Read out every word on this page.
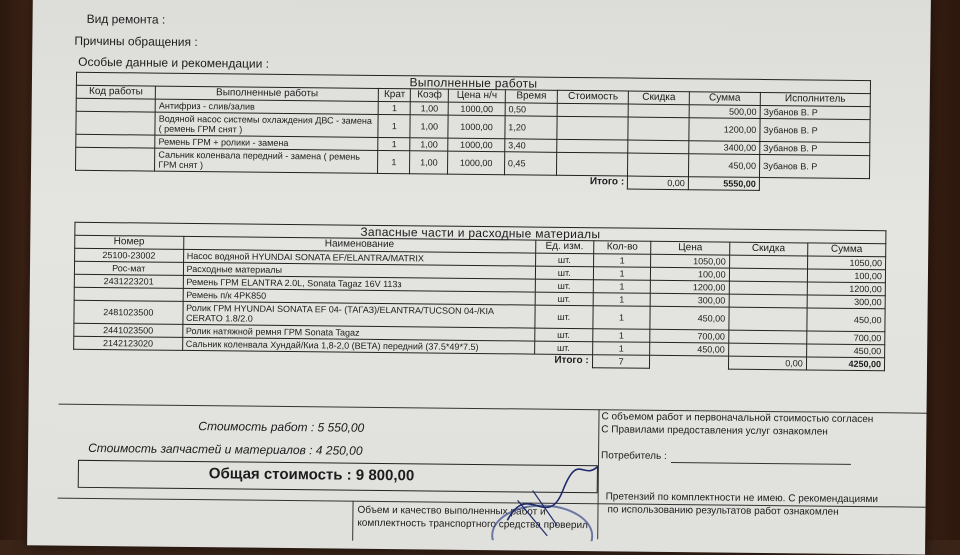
Вид ремонта :
Причины обращения :
Особые данные и рекомендации :
Выполненные работы									
Код работы	Выполненные работы	Крат	Коэф	Цена н/ч	Время	Стоимость	Скидка	Сумма	Исполнитель
	Антифриз - слив/залив	1	1,00	1000,00	0,50			500,00	Зубанов В. Р
	Водяной насос системы охлаждения ДВС - замена ( ремень ГРМ снят )	1	1,00	1000,00	1,20			1200,00	Зубанов В. Р
	Ремень ГРМ + ролики - замена	1	1,00	1000,00	3,40			3400,00	Зубанов В. Р
	Сальник коленвала передний - замена ( ремень ГРМ снят )	1	1,00	1000,00	0,45			450,00	Зубанов В. Р
Итого :							0,00	5550,00	
Запасные части и расходные материалы						
Номер	Наименование	Ед. изм.	Кол-во	Цена	Скидка	Сумма
25100-23002	Насос водяной HYUNDAI SONATA EF/ELANTRA/MATRIX	шт.	1	1050,00		1050,00
Рос-мат	Расходные материалы	шт.	1	100,00		100,00
2431223201	Ремень ГРМ ELANTRA 2.0L, Sonata Tagaz 16V 113з	шт.	1	1200,00		1200,00
	Ремень п/к 4PK850	шт.	1	300,00		300,00
2481023500	Ролик ГРМ HYUNDAI SONATA EF 04- (ТАГАЗ)/ELANTRA/TUCSON 04-/KIA CERATO 1.8/2.0	шт.	1	450,00		450,00
2441023500	Ролик натяжной ремня ГРМ Sonata Tagaz	шт.	1	700,00		700,00
2142123020	Сальник коленвала Хундай/Киа 1,8-2,0 (BETA) передний (37.5*49*7.5)	шт.	1	450,00		450,00
Итого :			7		0,00	4250,00
Стоимость работ : 5 550,00
Стоимость запчастей и материалов : 4 250,00
Общая стоимость : 9 800,00
С объемом работ и первоначальной стоимостью согласен
С Правилами предоставления услуг ознакомлен
Потребитель :
Претензий по комплектности не имею. С рекомендациями
по использованию результатов работ ознакомлен
Объем и качество выполненных работ и
комплектность транспортного средства проверил
